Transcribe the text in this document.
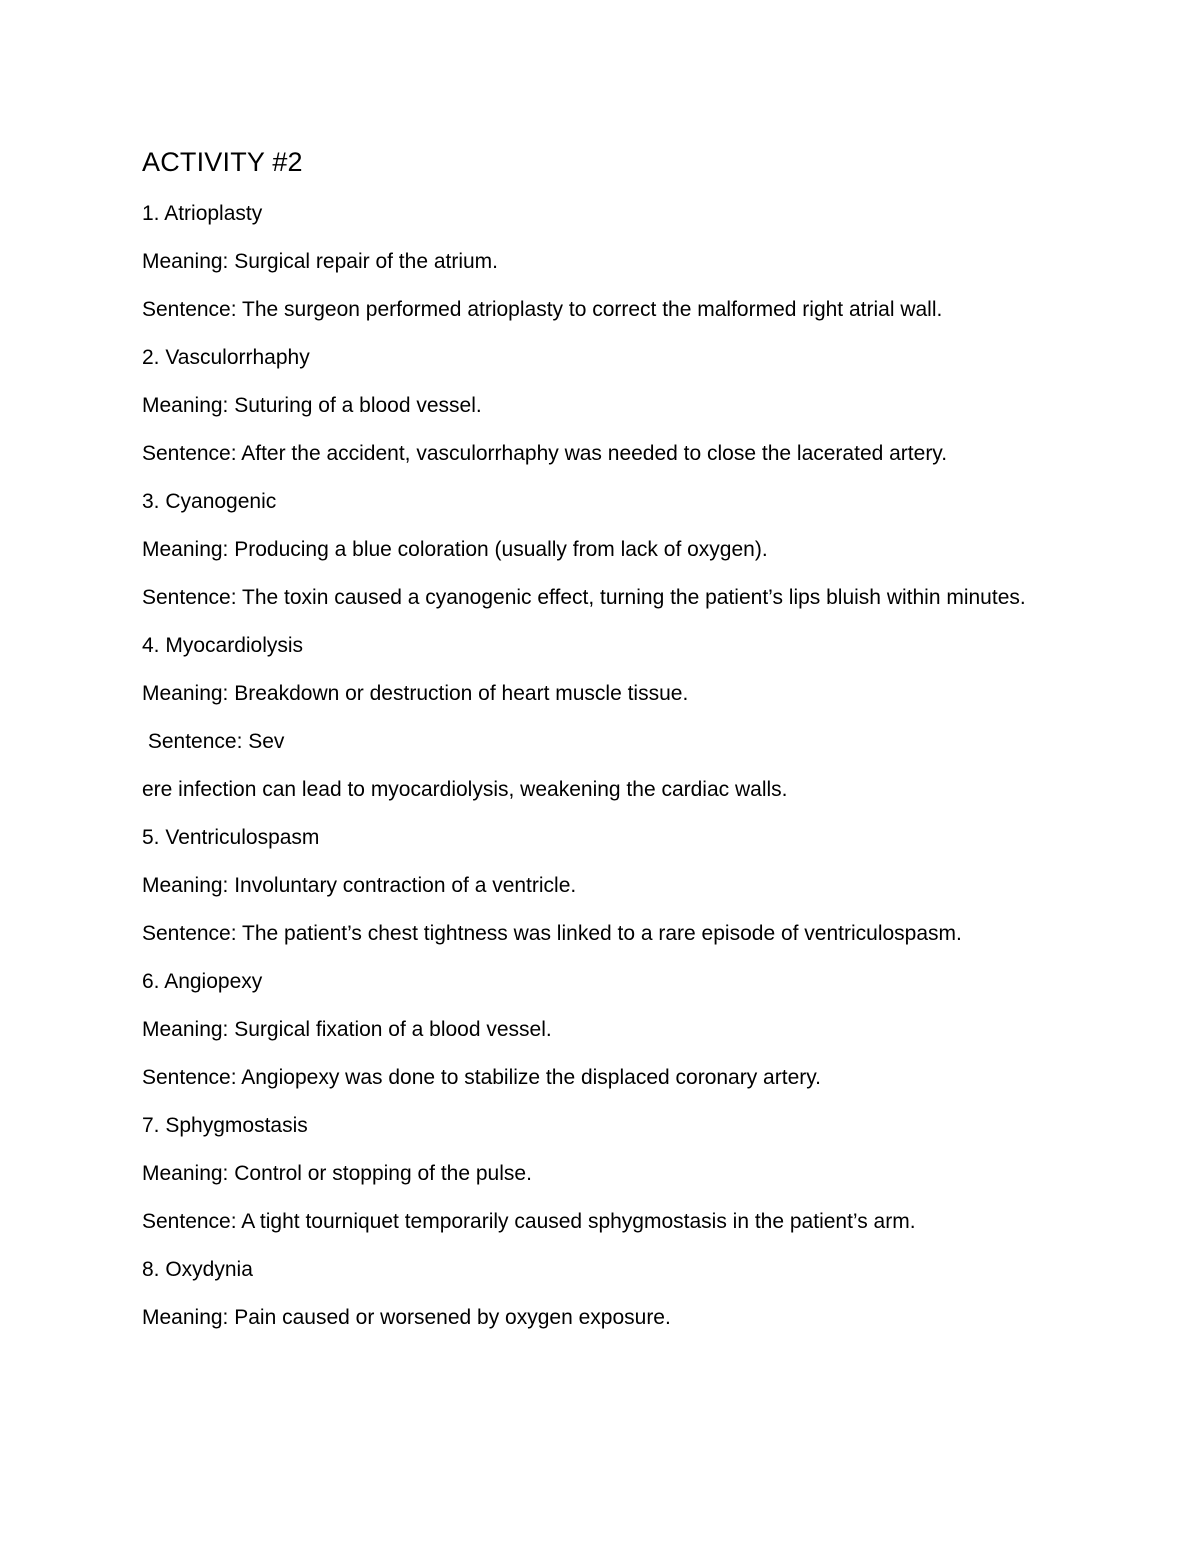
ACTIVITY #2
1. Atrioplasty
Meaning: Surgical repair of the atrium.
Sentence: The surgeon performed atrioplasty to correct the malformed right atrial wall.
2. Vasculorrhaphy
Meaning: Suturing of a blood vessel.
Sentence: After the accident, vasculorrhaphy was needed to close the lacerated artery.
3. Cyanogenic
Meaning: Producing a blue coloration (usually from lack of oxygen).
Sentence: The toxin caused a cyanogenic effect, turning the patient’s lips bluish within minutes.
4. Myocardiolysis
Meaning: Breakdown or destruction of heart muscle tissue.
Sentence: Sev
ere infection can lead to myocardiolysis, weakening the cardiac walls.
5. Ventriculospasm
Meaning: Involuntary contraction of a ventricle.
Sentence: The patient’s chest tightness was linked to a rare episode of ventriculospasm.
6. Angiopexy
Meaning: Surgical fixation of a blood vessel.
Sentence: Angiopexy was done to stabilize the displaced coronary artery.
7. Sphygmostasis
Meaning: Control or stopping of the pulse.
Sentence: A tight tourniquet temporarily caused sphygmostasis in the patient’s arm.
8. Oxydynia
Meaning: Pain caused or worsened by oxygen exposure.
